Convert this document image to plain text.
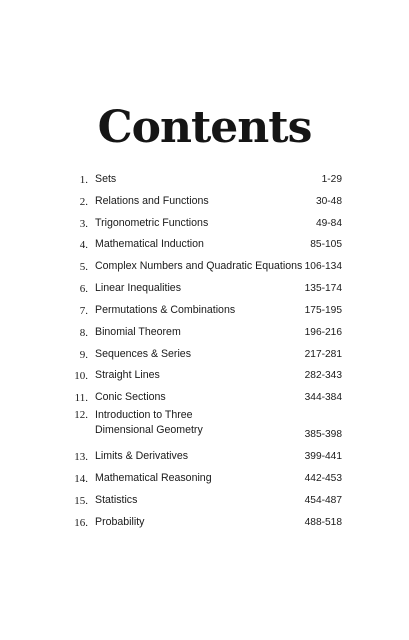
Contents
1. Sets	1-29
2. Relations and Functions	30-48
3. Trigonometric Functions	49-84
4. Mathematical Induction	85-105
5. Complex Numbers and Quadratic Equations 106-134
6. Linear Inequalities	135-174
7. Permutations & Combinations	175-195
8. Binomial Theorem	196-216
9. Sequences & Series	217-281
10. Straight Lines	282-343
11. Conic Sections	344-384
12. Introduction to Three
Dimensional Geometry	385-398
13. Limits & Derivatives	399-441
14. Mathematical Reasoning	442-453
15. Statistics	454-487
16. Probability	488-518
